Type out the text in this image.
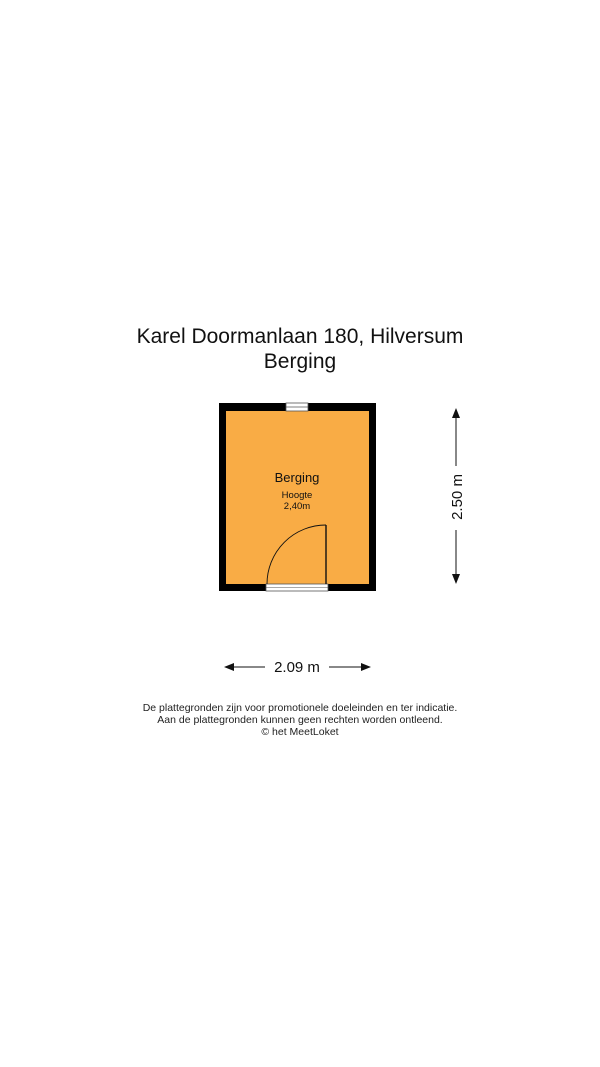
Karel Doormanlaan 180, Hilversum
Berging
Berging
Hoogte
2,40m	2.50 m
2.09 m
De plattegronden zijn voor promotionele doeleinden en ter indicatie.
Aan de plattegronden kunnen geen rechten worden ontleend.
© het MeetLoket
